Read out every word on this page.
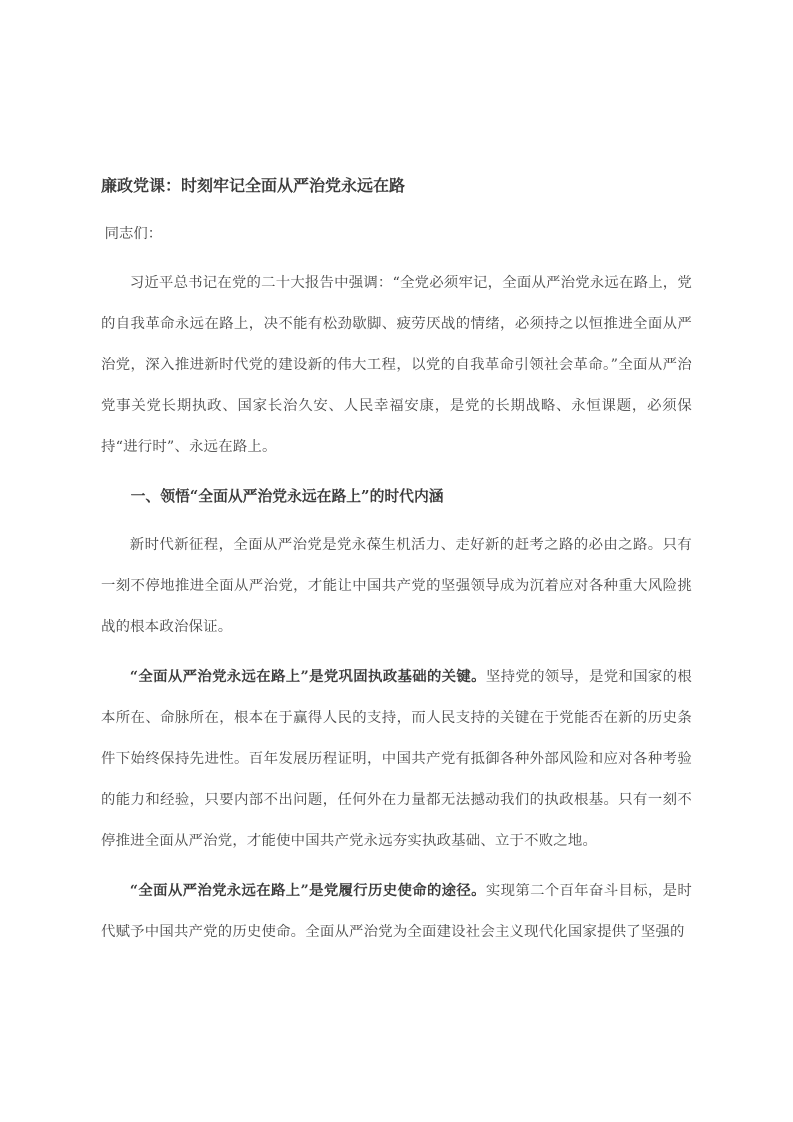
廉政党课：时刻牢记全面从严治党永远在路

同志们：

习近平总书记在党的二十大报告中强调：“全党必须牢记，全面从严治党永远在路上，党的自我革命永远在路上，决不能有松劲歇脚、疲劳厌战的情绪，必须持之以恒推进全面从严治党，深入推进新时代党的建设新的伟大工程，以党的自我革命引领社会革命。”全面从严治党事关党长期执政、国家长治久安、人民幸福安康，是党的长期战略、永恒课题，必须保持“进行时”、永远在路上。

一、领悟“全面从严治党永远在路上”的时代内涵

新时代新征程，全面从严治党是党永葆生机活力、走好新的赶考之路的必由之路。只有一刻不停地推进全面从严治党，才能让中国共产党的坚强领导成为沉着应对各种重大风险挑战的根本政治保证。

“全面从严治党永远在路上”是党巩固执政基础的关键。坚持党的领导，是党和国家的根本所在、命脉所在，根本在于赢得人民的支持，而人民支持的关键在于党能否在新的历史条件下始终保持先进性。百年发展历程证明，中国共产党有抵御各种外部风险和应对各种考验的能力和经验，只要内部不出问题，任何外在力量都无法撼动我们的执政根基。只有一刻不停推进全面从严治党，才能使中国共产党永远夯实执政基础、立于不败之地。

“全面从严治党永远在路上”是党履行历史使命的途径。实现第二个百年奋斗目标，是时代赋予中国共产党的历史使命。全面从严治党为全面建设社会主义现代化国家提供了坚强的
